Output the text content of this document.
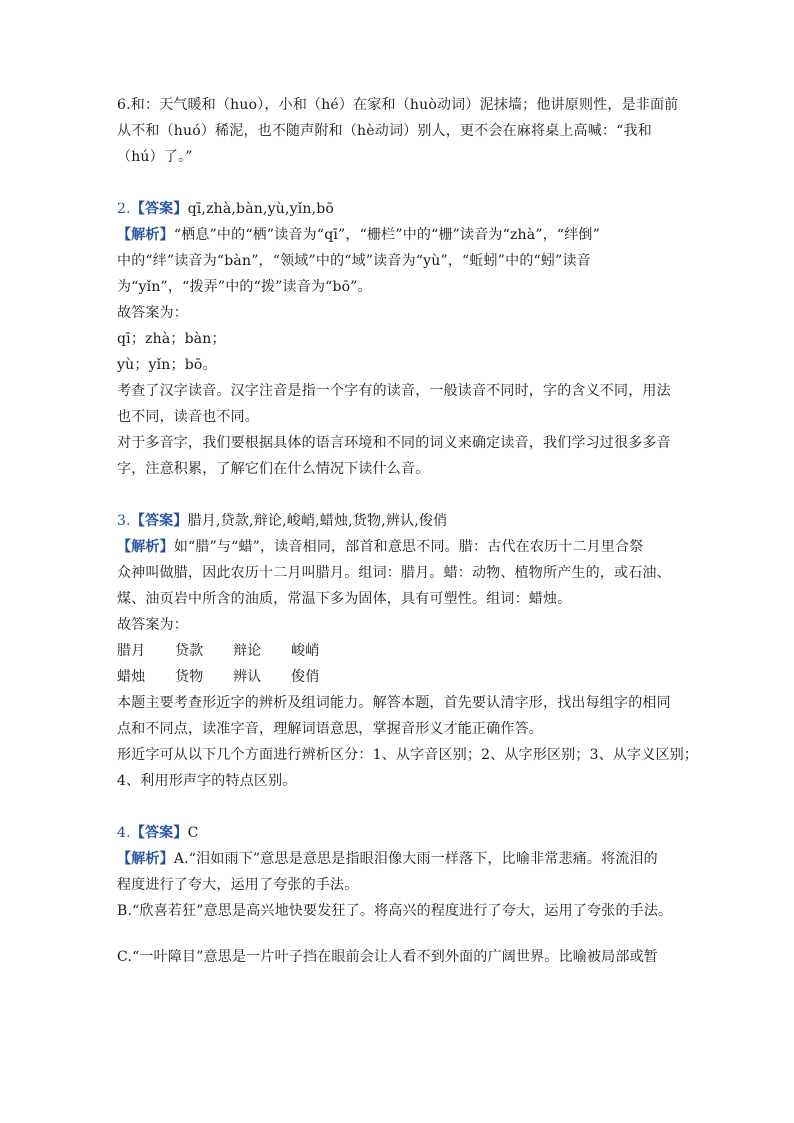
6.和：天气暖和（huo），小和（hé）在家和（huò动词）泥抹墙；他讲原则性，是非面前
从不和（huó）稀泥，也不随声附和（hè动词）别人，更不会在麻将桌上高喊：“我和
（hú）了。”
2.【答案】qī,zhà,bàn,yù,yǐn,bō
【解析】“栖息”中的“栖”读音为“qī”，“栅栏”中的“栅”读音为“zhà”，“绊倒”
中的“绊”读音为“bàn”，“领域”中的“域”读音为“yù”，“蚯蚓”中的“蚓”读音
为“yǐn”，“拨弄”中的“拨”读音为“bō”。
故答案为：
qī；zhà；bàn；
yù；yǐn；bō。
考查了汉字读音。汉字注音是指一个字有的读音，一般读音不同时，字的含义不同，用法
也不同，读音也不同。
对于多音字，我们要根据具体的语言环境和不同的词义来确定读音，我们学习过很多多音
字，注意积累，了解它们在什么情况下读什么音。
3.【答案】腊月,贷款,辩论,峻峭,蜡烛,货物,辨认,俊俏
【解析】如“腊”与“蜡”，读音相同，部首和意思不同。腊：古代在农历十二月里合祭
众神叫做腊，因此农历十二月叫腊月。组词：腊月。蜡：动物、植物所产生的，或石油、
煤、油页岩中所含的油质，常温下多为固体，具有可塑性。组词：蜡烛。
故答案为：
腊月 贷款 辩论 峻峭
蜡烛 货物 辨认 俊俏
本题主要考查形近字的辨析及组词能力。解答本题，首先要认清字形，找出每组字的相同
点和不同点，读准字音，理解词语意思，掌握音形义才能正确作答。
形近字可从以下几个方面进行辨析区分：1、从字音区别；2、从字形区别；3、从字义区别；
4、利用形声字的特点区别。
4.【答案】C
【解析】A.“泪如雨下”意思是意思是指眼泪像大雨一样落下，比喻非常悲痛。将流泪的
程度进行了夸大，运用了夸张的手法。
B.“欣喜若狂”意思是高兴地快要发狂了。将高兴的程度进行了夸大，运用了夸张的手法。
C.“一叶障目”意思是一片叶子挡在眼前会让人看不到外面的广阔世界。比喻被局部或暂
